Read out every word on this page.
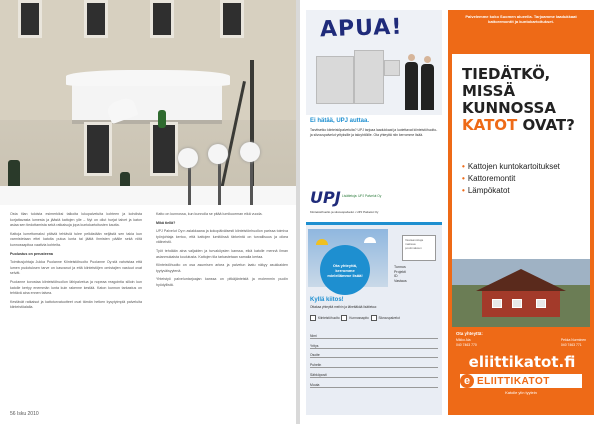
Osta tilan tuloista esimerkiksi talkoita lukupalveluita kohteen ja kohdista korjattavasta lumesta ja jäästä kattojen ylle – Nyt on ollut hurjat talvet ja katon asiaa sen tiedottamista sekä ratkaisuja jopa kuntokartoitusten kautta.

Kattoja lumettomaksi pitäviä tehtäviä tulee pelkästään neljästä sen takia kun varmistetaan ettei katolta putoa lunta tai jäätä ihmisten päälle sekä niitä kunnossapitoa vaativia kohteita.

Puolustus on perusteena

Toimitusjohtaja Jukka Puolanne Kiinteistöhuolto Puolanne Oy:stä vahvistaa että lumen pudotuksen tarve on kasvanut ja että kiinteistöjen omistajien vastuut ovat selvät.

Puolanne korostaa kiinteistöhuollon lähipalvelua ja nopeaa reagointia silloin kun katolle kertyy enemmän lunta kuin rakenne kestää. Katon kunnon tarkastus on tehtävä aina ennen talvea.

Kestävät ratkaisut ja kattoturvatuotteet ovat tämän hetken kysytyimpiä palveluita kiinteistöalalla.

Katto on kunnossa, kun kunnolla se pitää lumikuorman eikä vuoda.

Mikä tiellä?

UPJ Palvelut Oy:n asiakkaana ja kokopäiväisesti kiinteistönhuollon parissa toimiva työnjohtaja kertoo, että kattojen lumitöissä tärkeintä on turvallisuus ja oikea välineistö.

Työt tehdään aina valjaiden ja turvaköysien kanssa, eikä katolle mennä ilman asianmukaista koulutusta. Kattojen tila tarkastetaan samalla kertaa.

Kiinteistöhuolto on osa asumisen arkea ja palvelun laatu näkyy asukkaiden tyytyväisyytenä.

Yhteistyö palveluntarjoajan kanssa on pitkäjänteistä ja molemmin puolin hyödyllistä.

56 Isku 2010
APUA!
Ei hätää, UPJ auttaa.
Tarvitsetko kiinteistöpalveluita? UPJ tarjoaa laadukkaat ja luotettavat kiinteistöhuolto- ja siivouspalvelut yrityksille ja taloyhtiöille. Ota yhteyttä niin kerromme lisää.
UPJ Lisätietoja: UPJ Palvelut Oy
Kiinteistöhuolto ja siivouspalvelut • UPJ Palvelut Oy
Ota yhteyttä, kerromme mielellämme lisää!
Vastaanottaja maksaa postimaksun
Tunnus
Projekti
ID
Vastaus
Kyllä kiitos!
Ottakaa yhteyttä meihin ja lähettäkää lisätietoa:
Kiinteistöhuolto	Kunnossapito	Siivouspalvelut
Nimi
Yritys
Osoite
Puhelin
Sähköposti
Muuta
Palvelemme koko Suomen alueella. Tarjoamme laadukkaat kattoremontit ja kuntokartoitukset.
TIEDÄTKÖ,
MISSÄ
KUNNOSSA
KATOT OVAT?
• Kattojen kuntokartoitukset
• Kattoremontit
• Lämpökatot
Ota yhteyttä:
Mikko Ala
040 7463 770
Pekka Nurminen
040 7463 771
eliittikatot.fi
e ELIITTIKATOT
Katolle ylin tyylein
